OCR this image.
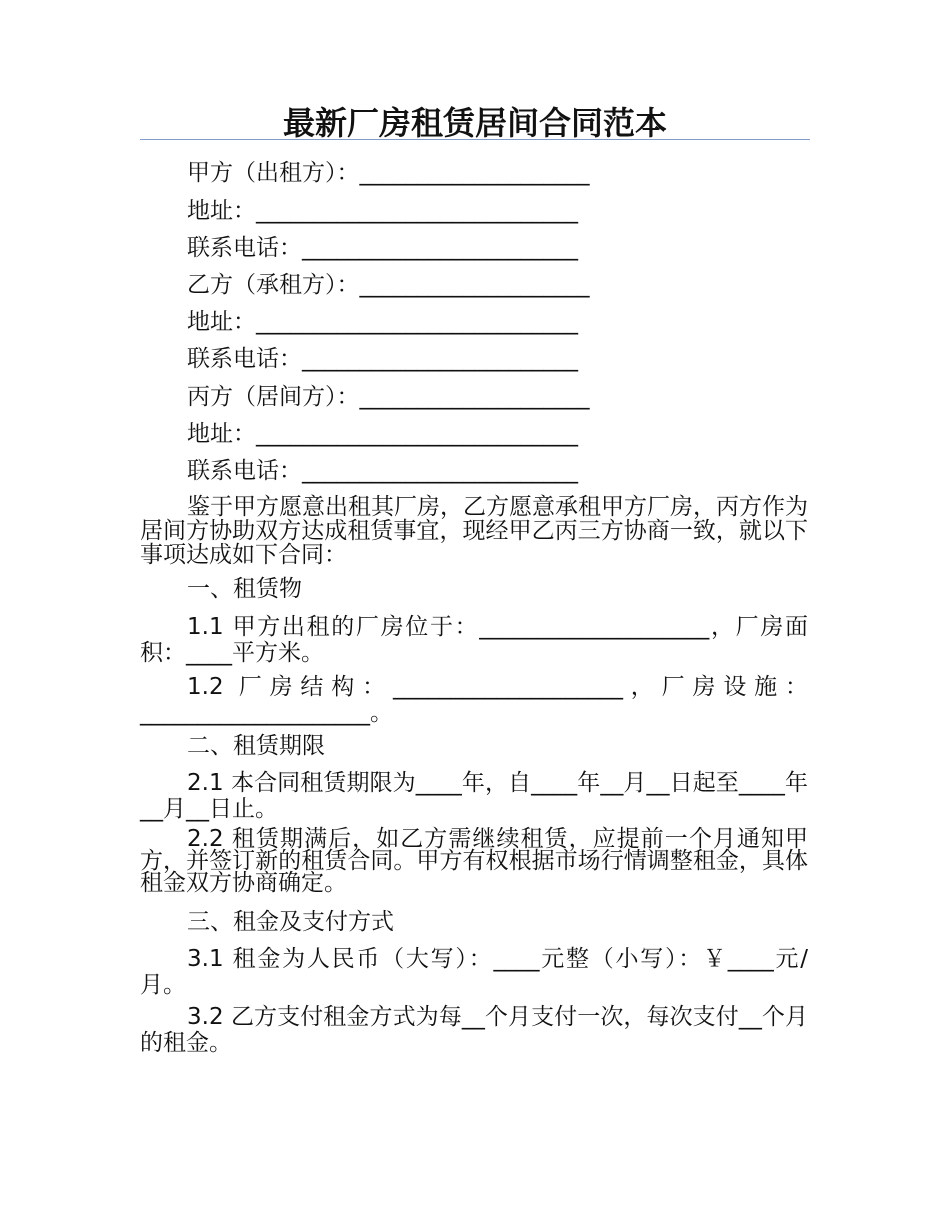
最新厂房租赁居间合同范本
甲方（出租方）：____________________
地址：____________________________
联系电话：________________________
乙方（承租方）：____________________
地址：____________________________
联系电话：________________________
丙方（居间方）：____________________
地址：____________________________
联系电话：________________________
鉴于甲方愿意出租其厂房，乙方愿意承租甲方厂房，丙方作为居间方协助双方达成租赁事宜，现经甲乙丙三方协商一致，就以下事项达成如下合同：
一、租赁物
1.1 甲方出租的厂房位于：____________________，厂房面积：____平方米。
1.2 厂房结构：____________________，厂房设施：____________________。
二、租赁期限
2.1 本合同租赁期限为____年，自____年__月__日起至____年__月__日止。
2.2 租赁期满后，如乙方需继续租赁，应提前一个月通知甲方，并签订新的租赁合同。甲方有权根据市场行情调整租金，具体租金双方协商确定。
三、租金及支付方式
3.1 租金为人民币（大写）：____元整（小写）：￥____元/月。
3.2 乙方支付租金方式为每__个月支付一次，每次支付__个月的租金。
